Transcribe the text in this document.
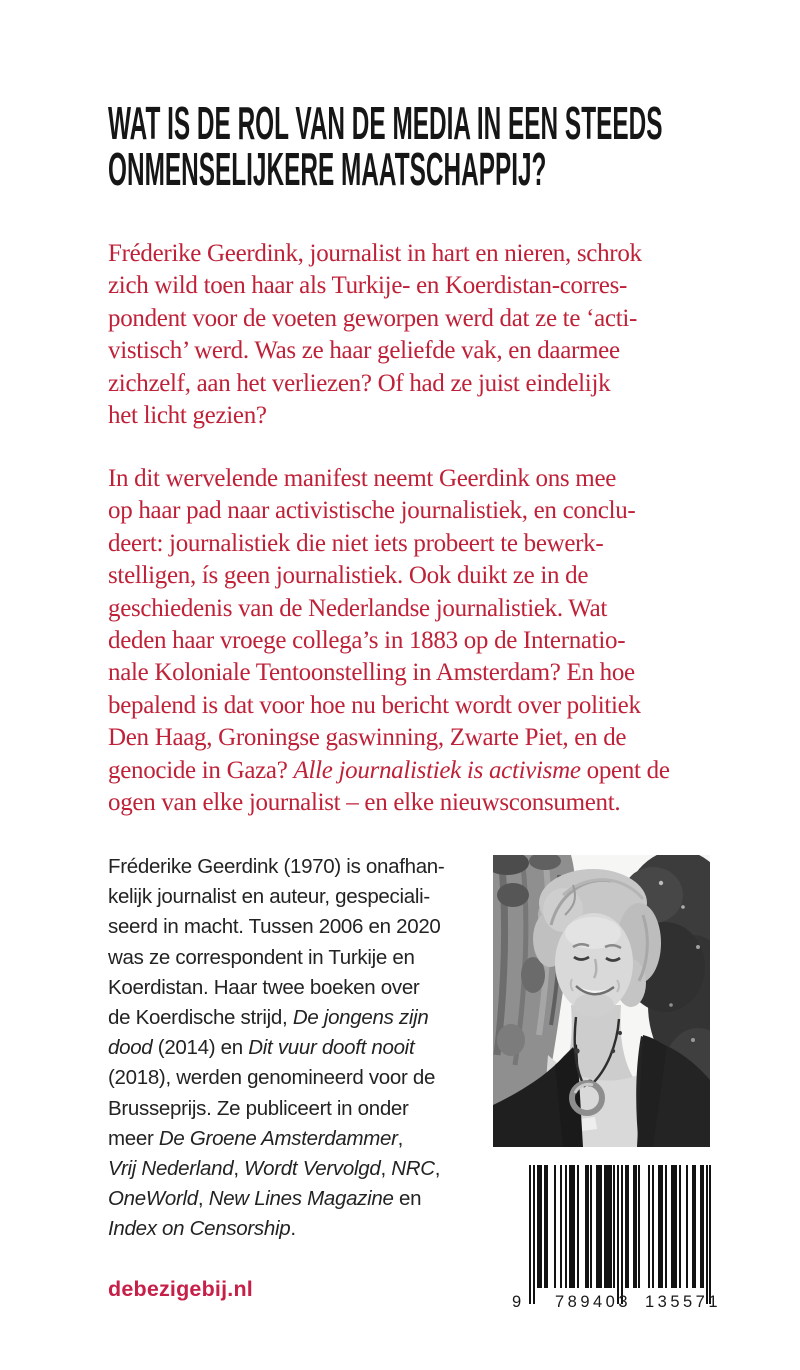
WAT IS DE ROL VAN DE MEDIA IN EEN STEEDS
ONMENSELIJKERE MAATSCHAPPIJ?
Fréderike Geerdink, journalist in hart en nieren, schrok
zich wild toen haar als Turkije- en Koerdistan-corres-
pondent voor de voeten geworpen werd dat ze te ‘acti-
vistisch’ werd. Was ze haar geliefde vak, en daarmee
zichzelf, aan het verliezen? Of had ze juist eindelijk
het licht gezien?
In dit wervelende manifest neemt Geerdink ons mee
op haar pad naar activistische journalistiek, en conclu-
deert: journalistiek die niet iets probeert te bewerk-
stelligen, ís geen journalistiek. Ook duikt ze in de
geschiedenis van de Nederlandse journalistiek. Wat
deden haar vroege collega’s in 1883 op de Internatio-
nale Koloniale Tentoonstelling in Amsterdam? En hoe
bepalend is dat voor hoe nu bericht wordt over politiek
Den Haag, Groningse gaswinning, Zwarte Piet, en de
genocide in Gaza? Alle journalistiek is activisme opent de
ogen van elke journalist – en elke nieuwsconsument.
Fréderike Geerdink (1970) is onafhan-
kelijk journalist en auteur, gespeciali-
seerd in macht. Tussen 2006 en 2020
was ze correspondent in Turkije en
Koerdistan. Haar twee boeken over
de Koerdische strijd, De jongens zijn
dood (2014) en Dit vuur dooft nooit
(2018), werden genomineerd voor de
Brusseprijs. Ze publiceert in onder
meer De Groene Amsterdammer,
Vrij Nederland, Wordt Vervolgd, NRC,
OneWorld, New Lines Magazine en
Index on Censorship.
debezigebij.nl
9 789403 135571
